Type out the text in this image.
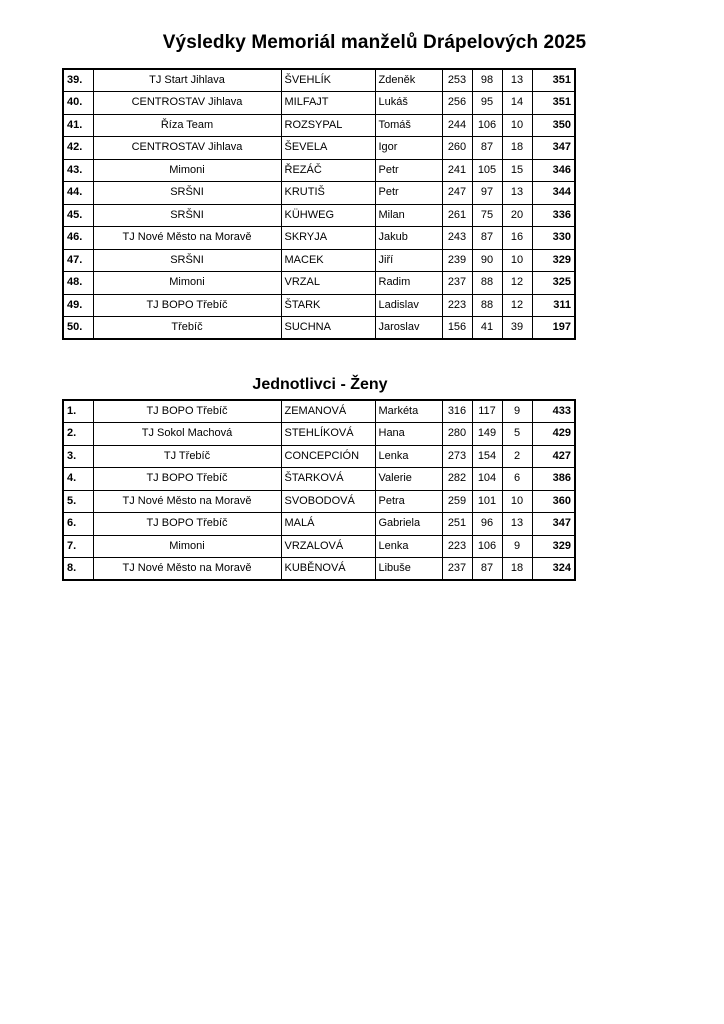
Výsledky Memoriál manželů Drápelových 2025
39.	TJ Start Jihlava	ŠVEHLÍK	Zdeněk	253	98	13	351
40.	CENTROSTAV Jihlava	MILFAJT	Lukáš	256	95	14	351
41.	Říza Team	ROZSYPAL	Tomáš	244	106	10	350
42.	CENTROSTAV Jihlava	ŠEVELA	Igor	260	87	18	347
43.	Mimoni	ŘEZÁČ	Petr	241	105	15	346
44.	SRŠNI	KRUTIŠ	Petr	247	97	13	344
45.	SRŠNI	KÜHWEG	Milan	261	75	20	336
46.	TJ Nové Město na Moravě	SKRYJA	Jakub	243	87	16	330
47.	SRŠNI	MACEK	Jiří	239	90	10	329
48.	Mimoni	VRZAL	Radim	237	88	12	325
49.	TJ BOPO Třebíč	ŠTARK	Ladislav	223	88	12	311
50.	Třebíč	SUCHNA	Jaroslav	156	41	39	197
Jednotlivci - Ženy
1.	TJ BOPO Třebíč	ZEMANOVÁ	Markéta	316	117	9	433
2.	TJ Sokol Machová	STEHLÍKOVÁ	Hana	280	149	5	429
3.	TJ Třebíč	CONCEPCIÓN	Lenka	273	154	2	427
4.	TJ BOPO Třebíč	ŠTARKOVÁ	Valerie	282	104	6	386
5.	TJ Nové Město na Moravě	SVOBODOVÁ	Petra	259	101	10	360
6.	TJ BOPO Třebíč	MALÁ	Gabriela	251	96	13	347
7.	Mimoni	VRZALOVÁ	Lenka	223	106	9	329
8.	TJ Nové Město na Moravě	KUBĚNOVÁ	Libuše	237	87	18	324
